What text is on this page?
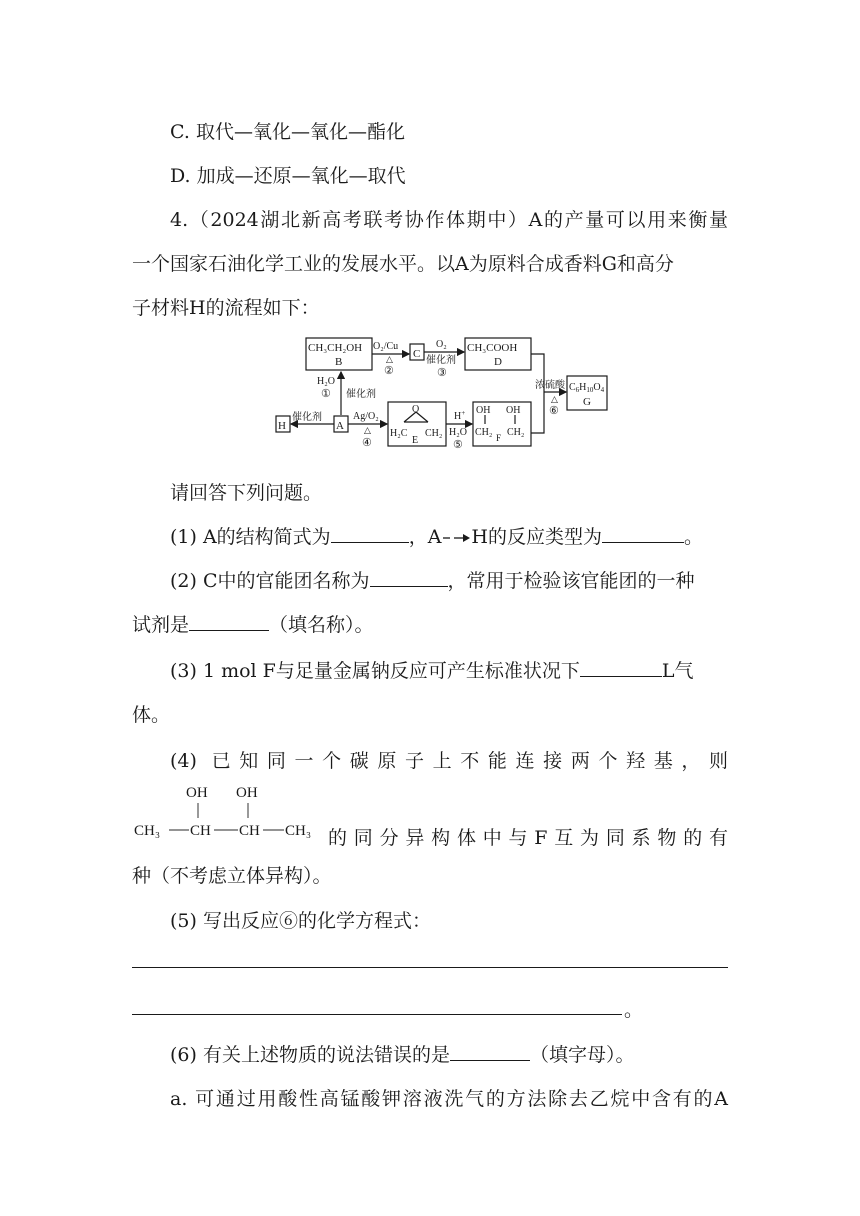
C. 取代—氧化—氧化—酯化
D. 加成—还原—氧化—取代
4.（2024湖北新高考联考协作体期中）A的产量可以用来衡量
一个国家石油化学工业的发展水平。以A为原料合成香料G和高分
子材料H的流程如下：
CH₃CH₂OH
B
C	CH₃COOH
D
$C_6H_{10}O_4$
G
A
H
O
H₂C CH₂
E
OH OH
CH₂ CH₂
F
O₂/Cu
△
②
O₂
催化剂
③
H₂O
① 催化剂
催化剂	Ag/O₂
△
④
H+
H₂O
⑤
浓硫酸
△
⑥
请回答下列问题。
(1) A的结构简式为	，A H的反应类型为	。
(2) C中的官能团名称为	，常用于检验该官能团的一种
试剂是	（填名称）。
(3) 1 mol F与足量金属钠反应可产生标准状况下	L气
体。
(4) 已知同一个碳原子上不能连接两个羟基，则
OH OH
CH₃ CH CH CH₃ 的同分异构体中与F互为同系物的有
种（不考虑立体异构）。
(5) 写出反应⑥的化学方程式：
。
(6) 有关上述物质的说法错误的是	（填字母）。
a. 可通过用酸性高锰酸钾溶液洗气的方法除去乙烷中含有的A
